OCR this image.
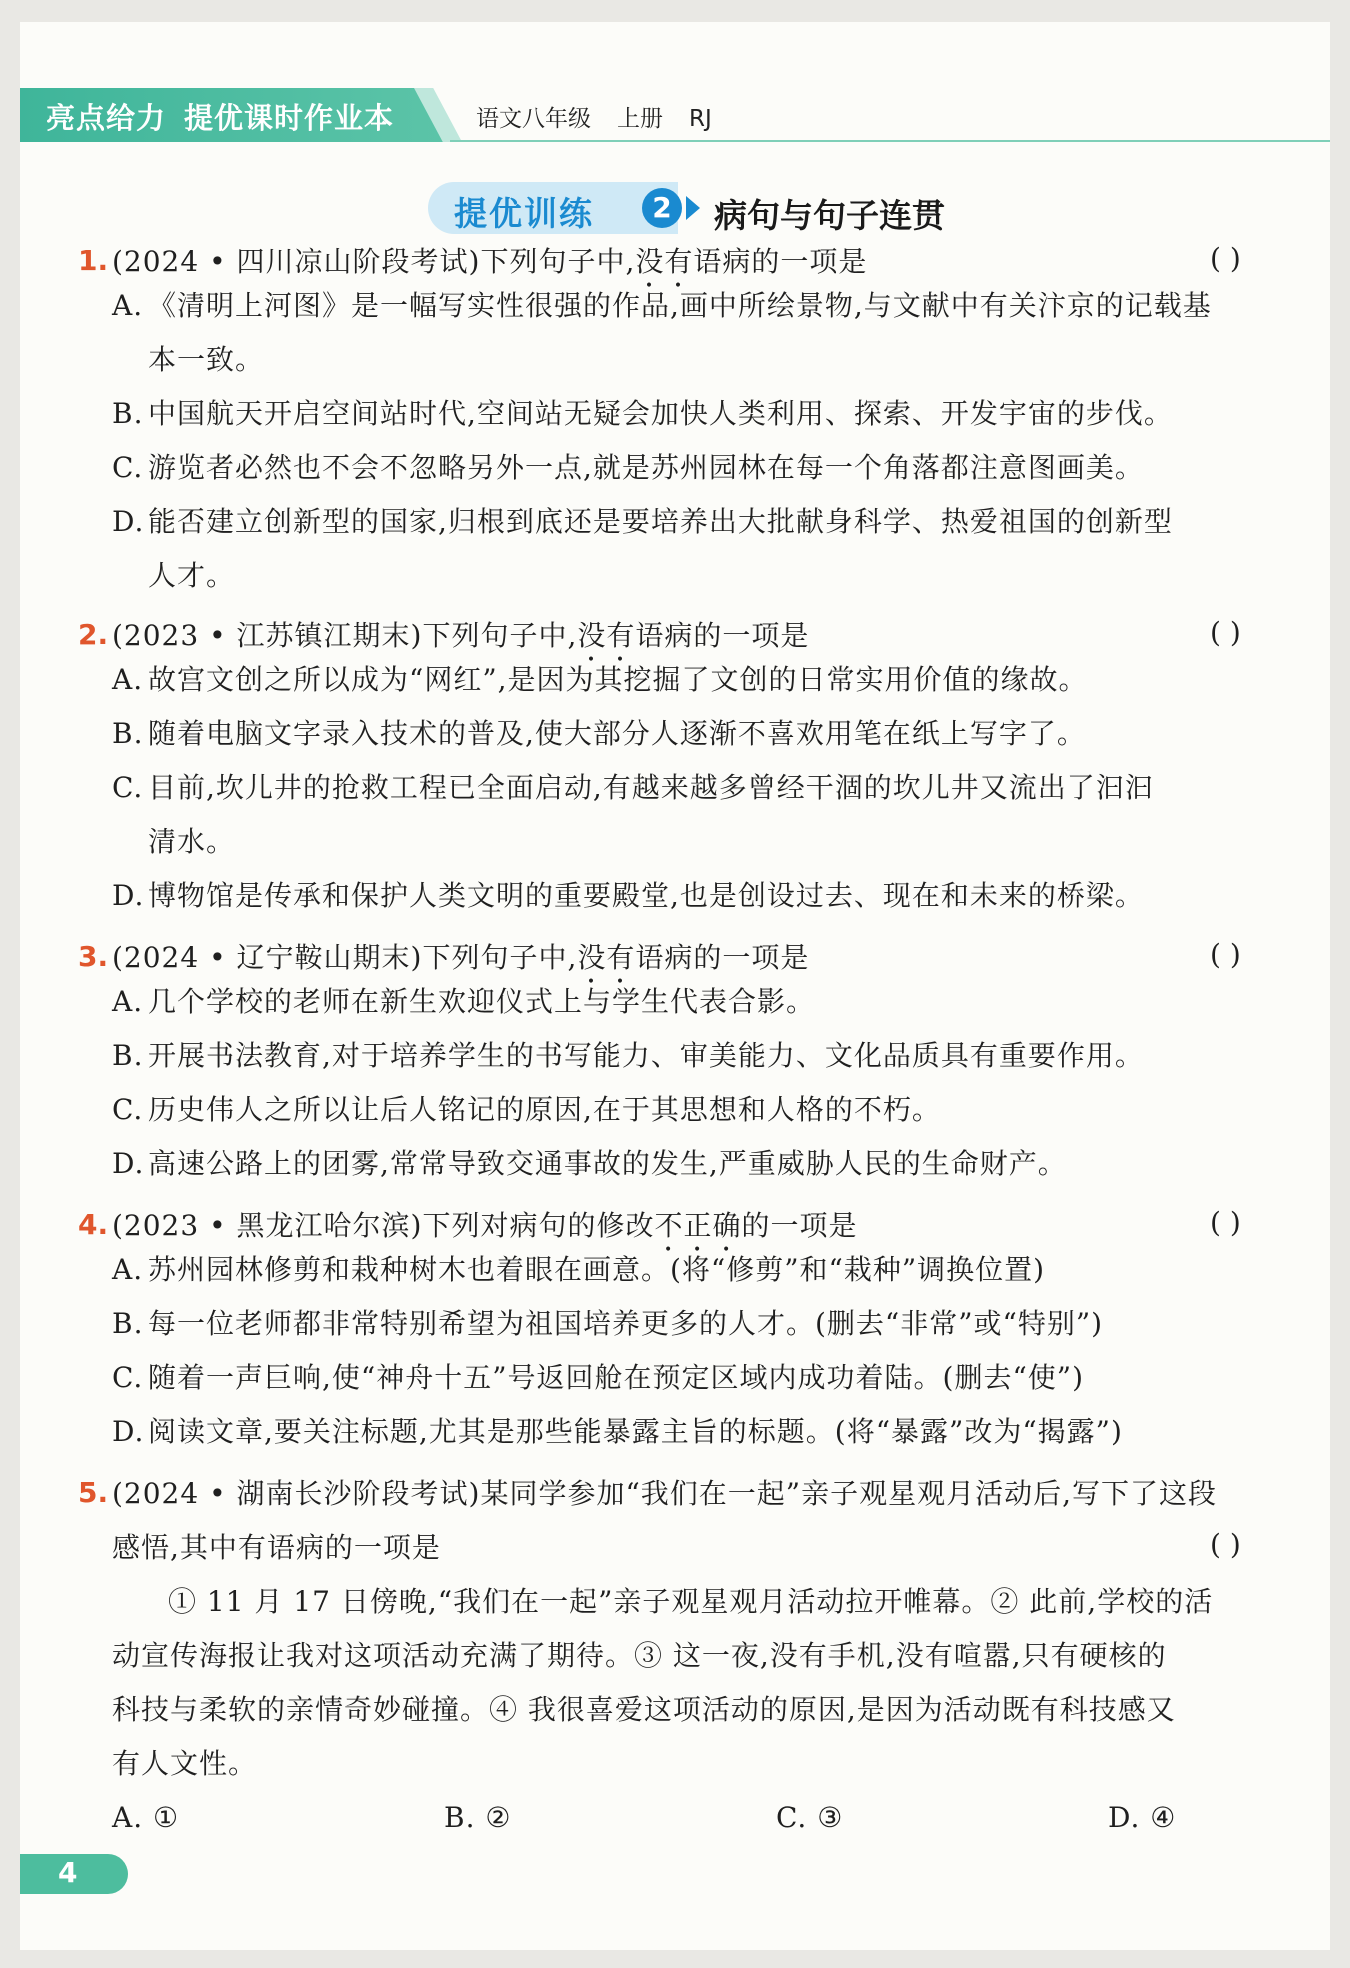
亮点给力 提优课时作业本	语文八年级 上册 RJ
提优训练	2	病句与句子连贯
1. (2024 • 四川凉山阶段考试)下列句子中,没有语病的一项是	( )
A. 《清明上河图》是一幅写实性很强的作品,画中所绘景物,与文献中有关汴京的记载基
本一致。
B. 中国航天开启空间站时代,空间站无疑会加快人类利用、探索、开发宇宙的步伐。
C. 游览者必然也不会不忽略另外一点,就是苏州园林在每一个角落都注意图画美。
D. 能否建立创新型的国家,归根到底还是要培养出大批献身科学、热爱祖国的创新型
人才。
2. (2023 • 江苏镇江期末)下列句子中,没有语病的一项是	( )
A. 故宫文创之所以成为“网红”,是因为其挖掘了文创的日常实用价值的缘故。
B. 随着电脑文字录入技术的普及,使大部分人逐渐不喜欢用笔在纸上写字了。
C. 目前,坎儿井的抢救工程已全面启动,有越来越多曾经干涸的坎儿井又流出了汩汩
清水。
D. 博物馆是传承和保护人类文明的重要殿堂,也是创设过去、现在和未来的桥梁。
3. (2024 • 辽宁鞍山期末)下列句子中,没有语病的一项是	( )
A. 几个学校的老师在新生欢迎仪式上与学生代表合影。
B. 开展书法教育,对于培养学生的书写能力、审美能力、文化品质具有重要作用。
C. 历史伟人之所以让后人铭记的原因,在于其思想和人格的不朽。
D. 高速公路上的团雾,常常导致交通事故的发生,严重威胁人民的生命财产。
4. (2023 • 黑龙江哈尔滨)下列对病句的修改不正确的一项是	( )
A. 苏州园林修剪和栽种树木也着眼在画意。(将“修剪”和“栽种”调换位置)
B. 每一位老师都非常特别希望为祖国培养更多的人才。(删去“非常”或“特别”)
C. 随着一声巨响,使“神舟十五”号返回舱在预定区域内成功着陆。(删去“使”)
D. 阅读文章,要关注标题,尤其是那些能暴露主旨的标题。(将“暴露”改为“揭露”)
5. (2024 • 湖南长沙阶段考试)某同学参加“我们在一起”亲子观星观月活动后,写下了这段
感悟,其中有语病的一项是	( )
① 11 月 17 日傍晚,“我们在一起”亲子观星观月活动拉开帷幕。② 此前,学校的活
动宣传海报让我对这项活动充满了期待。③ 这一夜,没有手机,没有喧嚣,只有硬核的
科技与柔软的亲情奇妙碰撞。④ 我很喜爱这项活动的原因,是因为活动既有科技感又
有人文性。
A. ①	B. ②	C. ③	D. ④
4
